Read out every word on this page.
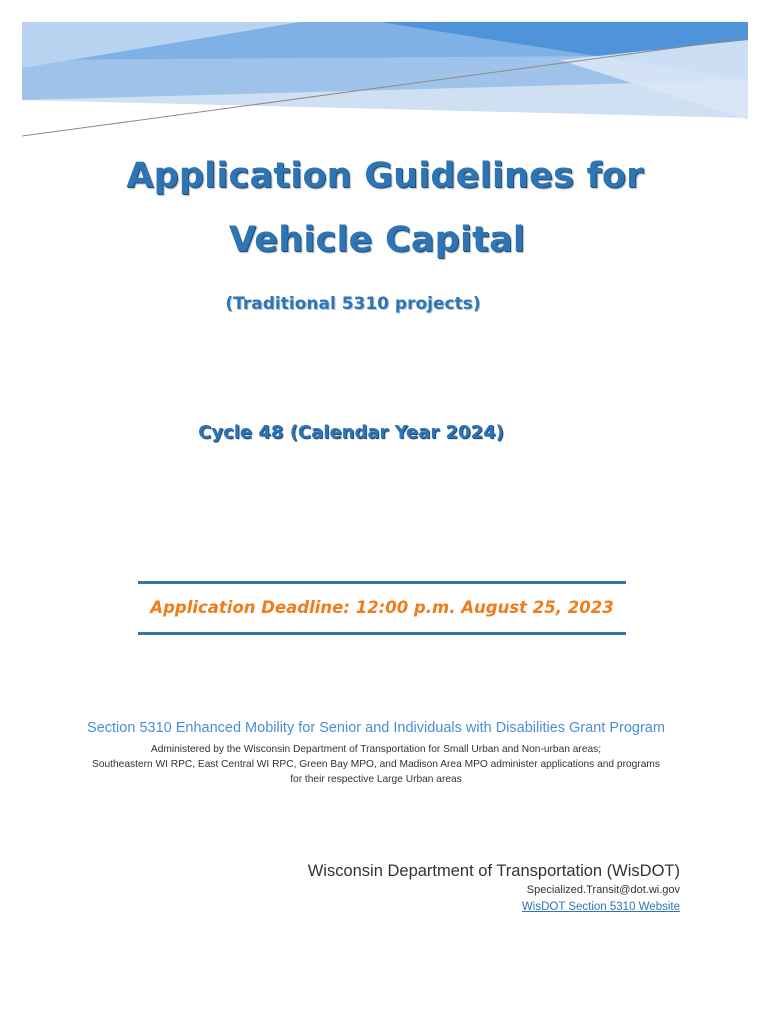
Application Guidelines for
Vehicle Capital
(Traditional 5310 projects)
Cycle 48 (Calendar Year 2024)
Application Deadline: 12:00 p.m. August 25, 2023
Section 5310 Enhanced Mobility for Senior and Individuals with Disabilities Grant Program
Administered by the Wisconsin Department of Transportation for Small Urban and Non-urban areas;
Southeastern WI RPC, East Central WI RPC, Green Bay MPO, and Madison Area MPO administer applications and programs
for their respective Large Urban areas
Wisconsin Department of Transportation (WisDOT)
Specialized.Transit@dot.wi.gov
WisDOT Section 5310 Website
